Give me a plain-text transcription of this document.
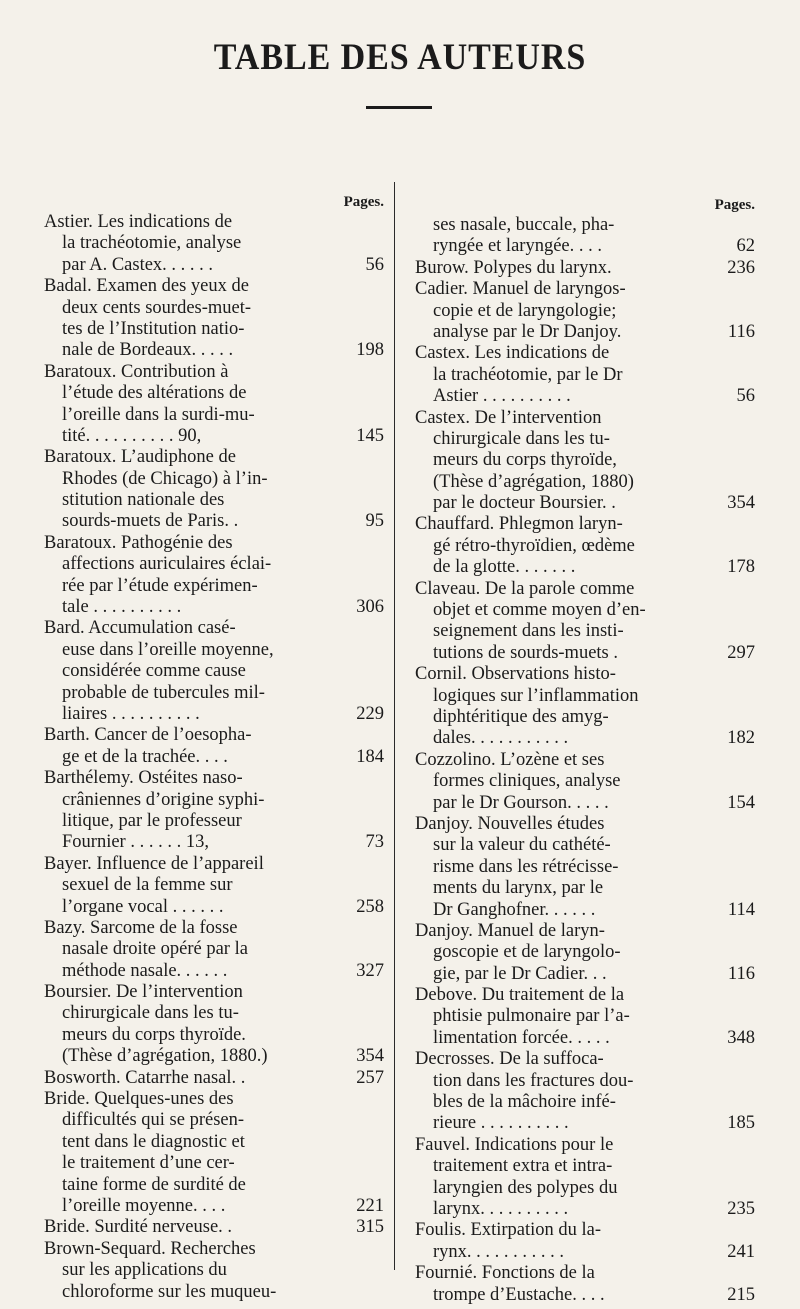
TABLE DES AUTEURS
Pages.
Astier. Les indications de
la trachéotomie, analyse
par A. Castex. . . . . .	56
Badal. Examen des yeux de
deux cents sourdes-muet-
tes de l’Institution natio-
nale de Bordeaux. . . . .	198
Baratoux. Contribution à
l’étude des altérations de
l’oreille dans la surdi-mu-
tité. . . . . . . . . . 90,	145
Baratoux. L’audiphone de
Rhodes (de Chicago) à l’in-
stitution nationale des
sourds-muets de Paris. .	95
Baratoux. Pathogénie des
affections auriculaires éclai-
rée par l’étude expérimen-
tale . . . . . . . . . .	306
Bard. Accumulation casé-
euse dans l’oreille moyenne,
considérée comme cause
probable de tubercules mil-
liaires . . . . . . . . . .	229
Barth. Cancer de l’oesopha-
ge et de la trachée. . . .	184
Barthélemy. Ostéites naso-
crâniennes d’origine syphi-
litique, par le professeur
Fournier . . . . . . 13,	73
Bayer. Influence de l’appareil
sexuel de la femme sur
l’organe vocal . . . . . .	258
Bazy. Sarcome de la fosse
nasale droite opéré par la
méthode nasale. . . . . .	327
Boursier. De l’intervention
chirurgicale dans les tu-
meurs du corps thyroïde.
(Thèse d’agrégation, 1880.)	354
Bosworth. Catarrhe nasal. .	257
Bride. Quelques-unes des
difficultés qui se présen-
tent dans le diagnostic et
le traitement d’une cer-
taine forme de surdité de
l’oreille moyenne. . . .	221
Bride. Surdité nerveuse. .	315
Brown-Sequard. Recherches
sur les applications du
chloroforme sur les muqueu-
Pages.
ses nasale, buccale, pha-
ryngée et laryngée. . . .	62
Burow. Polypes du larynx.	236
Cadier. Manuel de laryngos-
copie et de laryngologie;
analyse par le Dr Danjoy.	116
Castex. Les indications de
la trachéotomie, par le Dr
Astier . . . . . . . . . .	56
Castex. De l’intervention
chirurgicale dans les tu-
meurs du corps thyroïde,
(Thèse d’agrégation, 1880)
par le docteur Boursier. .	354
Chauffard. Phlegmon laryn-
gé rétro-thyroïdien, œdème
de la glotte. . . . . . .	178
Claveau. De la parole comme
objet et comme moyen d’en-
seignement dans les insti-
tutions de sourds-muets .	297
Cornil. Observations histo-
logiques sur l’inflammation
diphtéritique des amyg-
dales. . . . . . . . . . .	182
Cozzolino. L’ozène et ses
formes cliniques, analyse
par le Dr Gourson. . . . .	154
Danjoy. Nouvelles études
sur la valeur du cathété-
risme dans les rétrécisse-
ments du larynx, par le
Dr Ganghofner. . . . . .	114
Danjoy. Manuel de laryn-
goscopie et de laryngolo-
gie, par le Dr Cadier. . .	116
Debove. Du traitement de la
phtisie pulmonaire par l’a-
limentation forcée. . . . .	348
Decrosses. De la suffoca-
tion dans les fractures dou-
bles de la mâchoire infé-
rieure . . . . . . . . . .	185
Fauvel. Indications pour le
traitement extra et intra-
laryngien des polypes du
larynx. . . . . . . . . .	235
Foulis. Extirpation du la-
rynx. . . . . . . . . . .	241
Fournié. Fonctions de la
trompe d’Eustache. . . .	215
